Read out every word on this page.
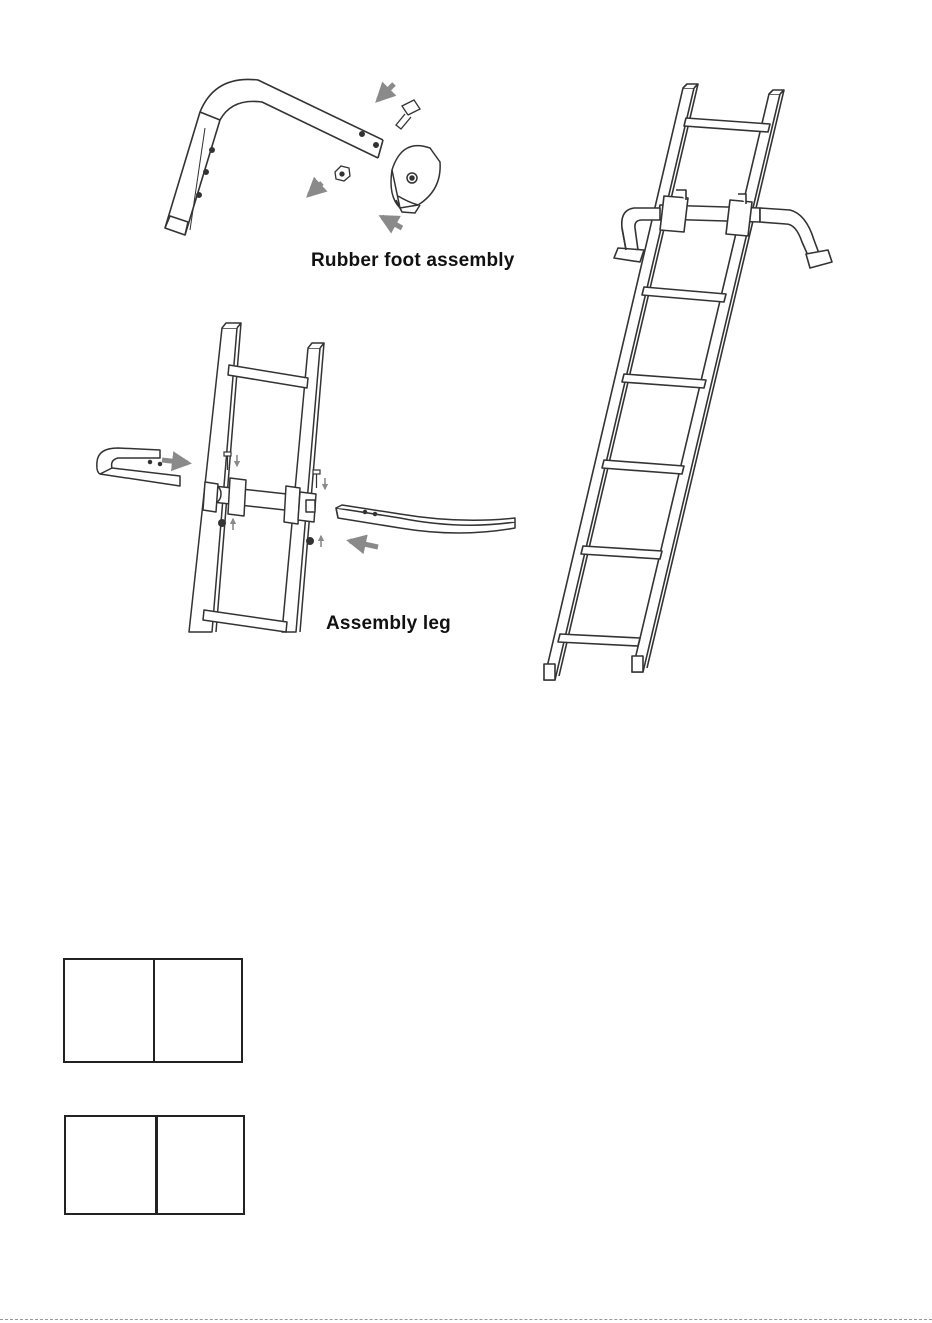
Rubber foot assembly
Assembly leg
